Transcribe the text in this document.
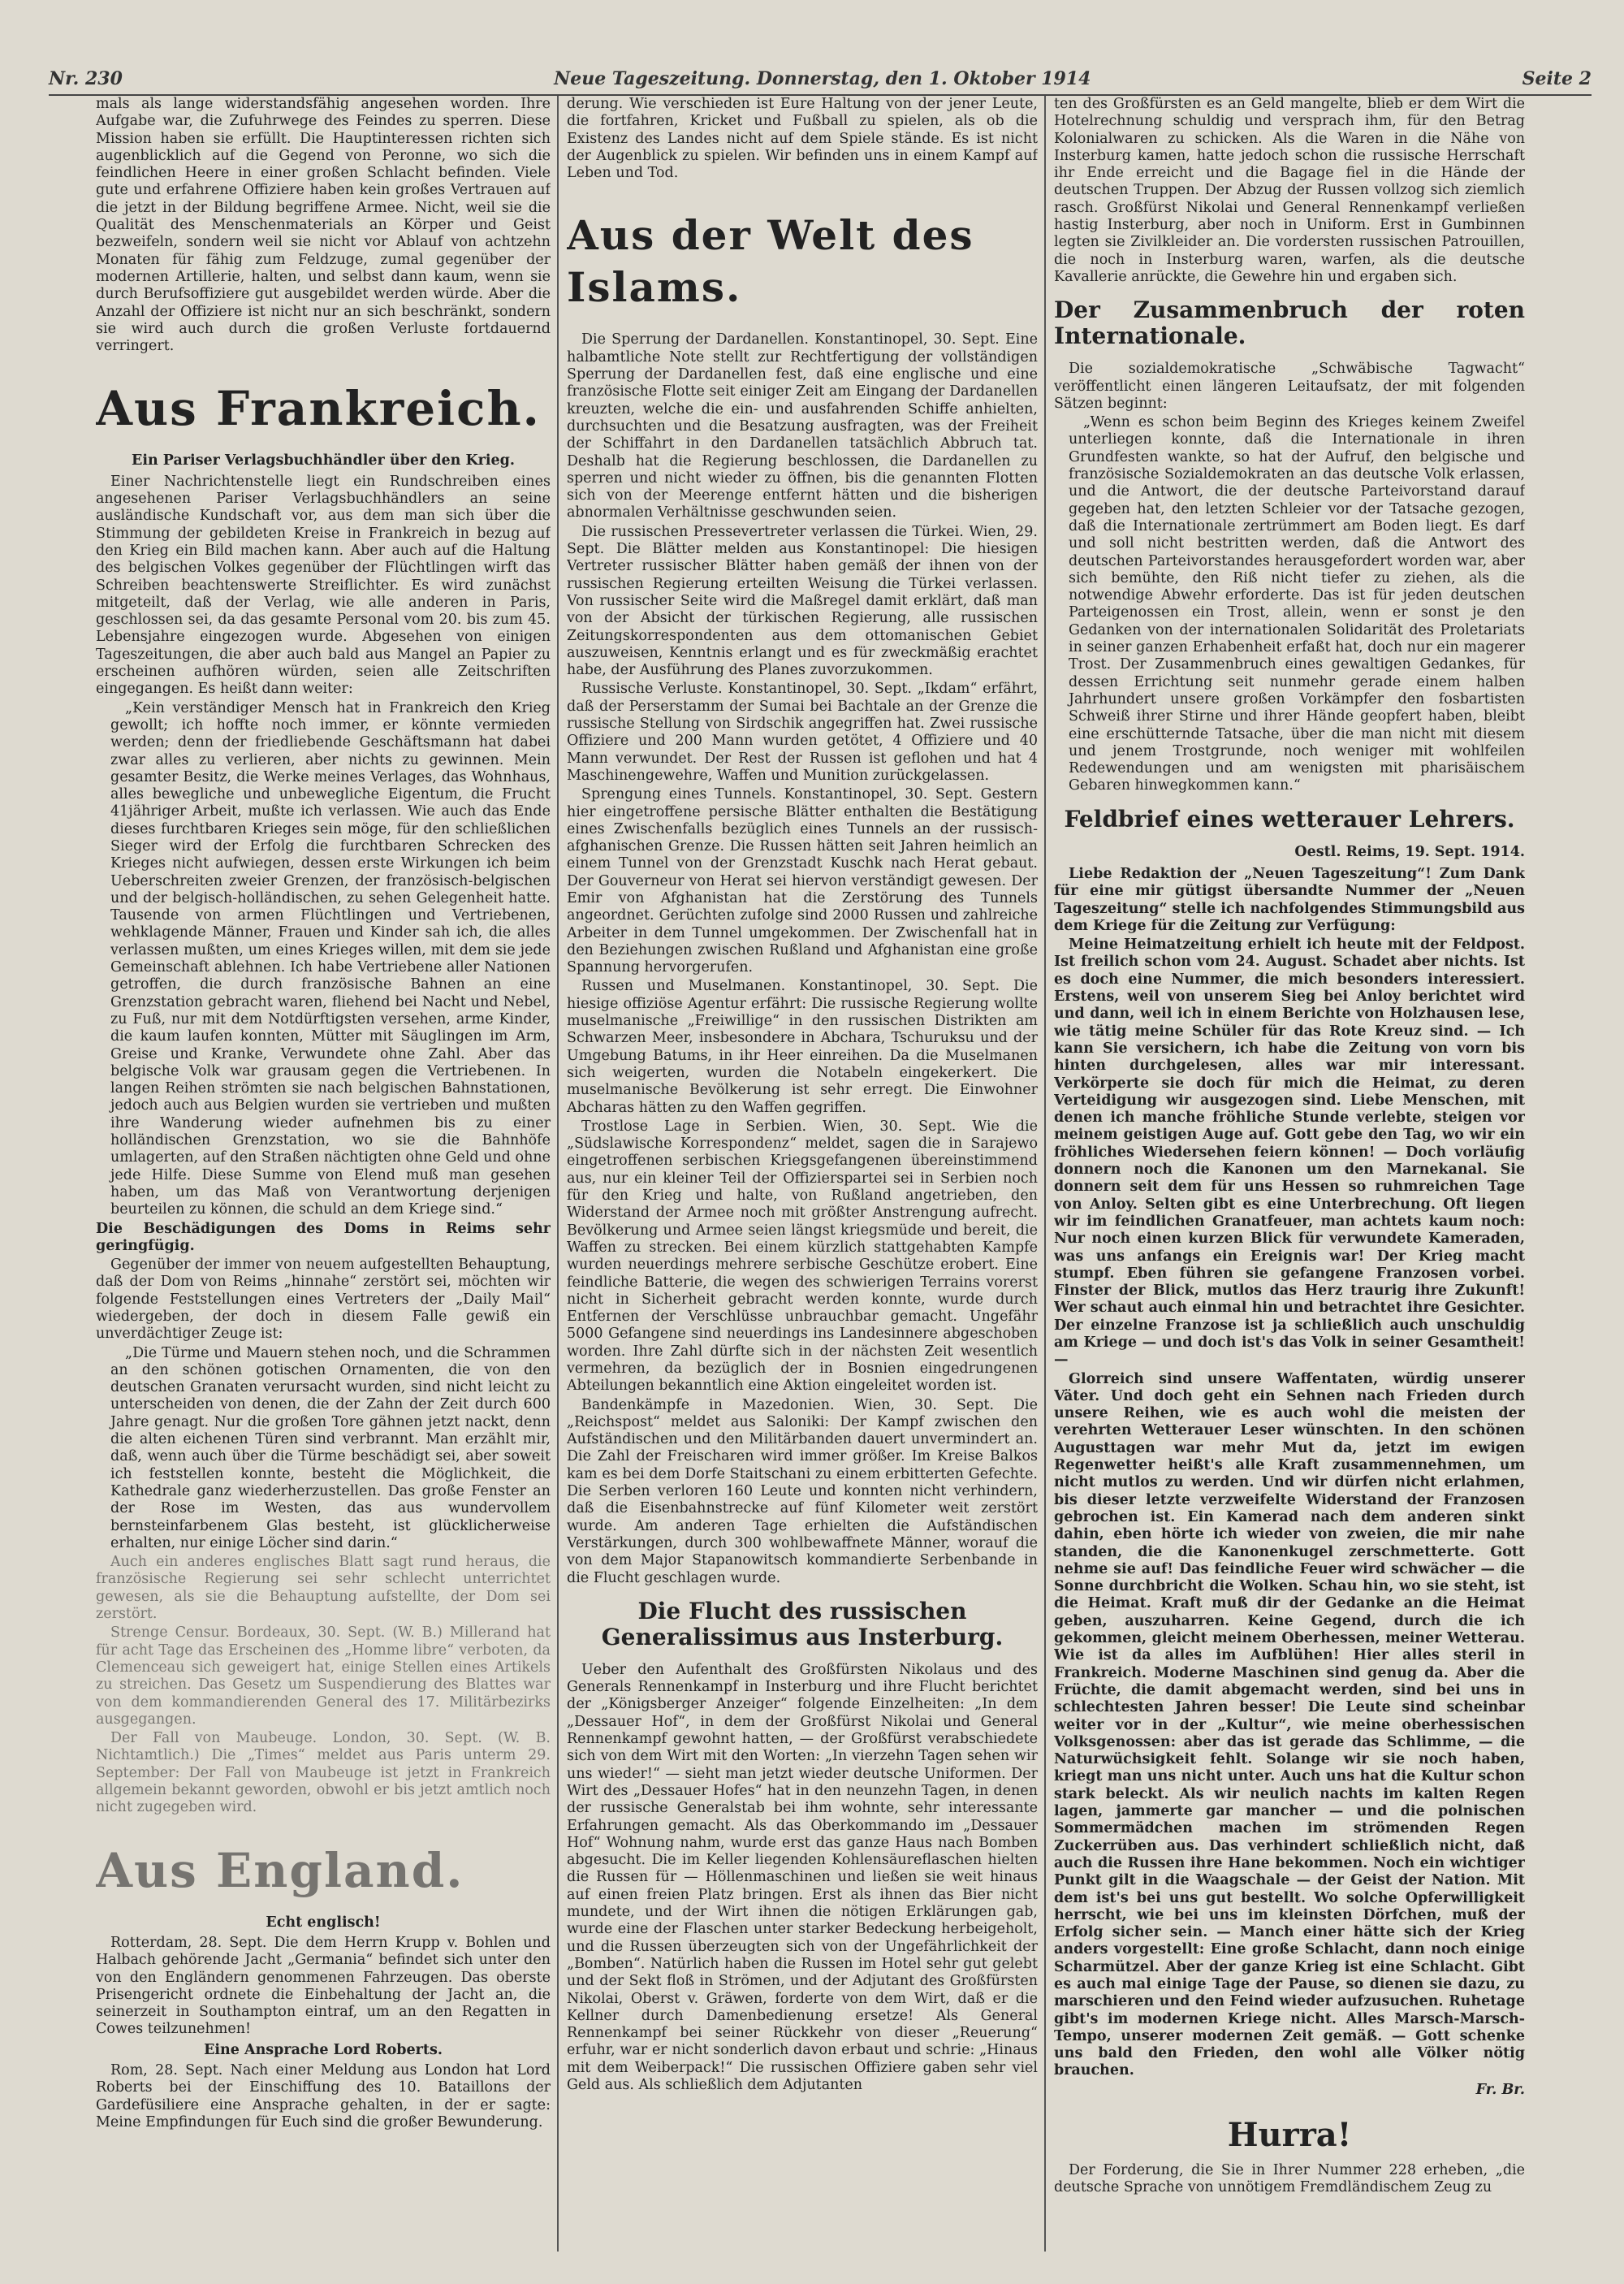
Nr. 230	Neue Tageszeitung. Donnerstag, den 1. Oktober 1914	Seite 2

mals als lange widerstandsfähig angesehen worden. Ihre Aufgabe war, die Zufuhrwege des Feindes zu sperren. Diese Mission haben sie erfüllt. Die Hauptinteressen richten sich augenblicklich auf die Gegend von Peronne, wo sich die feindlichen Heere in einer großen Schlacht befinden. Viele gute und erfahrene Offiziere haben kein großes Vertrauen auf die jetzt in der Bildung begriffene Armee. Nicht, weil sie die Qualität des Menschenmaterials an Körper und Geist bezweifeln, sondern weil sie nicht vor Ablauf von achtzehn Monaten für fähig zum Feldzuge, zumal gegenüber der modernen Artillerie, halten, und selbst dann kaum, wenn sie durch Berufsoffiziere gut ausgebildet werden würde. Aber die Anzahl der Offiziere ist nicht nur an sich beschränkt, sondern sie wird auch durch die großen Verluste fortdauernd verringert.

Aus Frankreich.

Ein Pariser Verlagsbuchhändler über den Krieg.

Einer Nachrichtenstelle liegt ein Rundschreiben eines angesehenen Pariser Verlagsbuchhändlers an seine ausländische Kundschaft vor, aus dem man sich über die Stimmung der gebildeten Kreise in Frankreich in bezug auf den Krieg ein Bild machen kann. Aber auch auf die Haltung des belgischen Volkes gegenüber der Flüchtlingen wirft das Schreiben beachtenswerte Streiflichter. Es wird zunächst mitgeteilt, daß der Verlag, wie alle anderen in Paris, geschlossen sei, da das gesamte Personal vom 20. bis zum 45. Lebensjahre eingezogen wurde. Abgesehen von einigen Tageszeitungen, die aber auch bald aus Mangel an Papier zu erscheinen aufhören würden, seien alle Zeitschriften eingegangen. Es heißt dann weiter:

„Kein verständiger Mensch hat in Frankreich den Krieg gewollt; ich hoffte noch immer, er könnte vermieden werden; denn der friedliebende Geschäftsmann hat dabei zwar alles zu verlieren, aber nichts zu gewinnen. Mein gesamter Besitz, die Werke meines Verlages, das Wohnhaus, alles bewegliche und unbewegliche Eigentum, die Frucht 41jähriger Arbeit, mußte ich verlassen. Wie auch das Ende dieses furchtbaren Krieges sein möge, für den schließlichen Sieger wird der Erfolg die furchtbaren Schrecken des Krieges nicht aufwiegen, dessen erste Wirkungen ich beim Ueberschreiten zweier Grenzen, der französisch-belgischen und der belgisch-holländischen, zu sehen Gelegenheit hatte. Tausende von armen Flüchtlingen und Vertriebenen, wehklagende Männer, Frauen und Kinder sah ich, die alles verlassen mußten, um eines Krieges willen, mit dem sie jede Gemeinschaft ablehnen. Ich habe Vertriebene aller Nationen getroffen, die durch französische Bahnen an eine Grenzstation gebracht waren, fliehend bei Nacht und Nebel, zu Fuß, nur mit dem Notdürftigsten versehen, arme Kinder, die kaum laufen konnten, Mütter mit Säuglingen im Arm, Greise und Kranke, Verwundete ohne Zahl. Aber das belgische Volk war grausam gegen die Vertriebenen. In langen Reihen strömten sie nach belgischen Bahnstationen, jedoch auch aus Belgien wurden sie vertrieben und mußten ihre Wanderung wieder aufnehmen bis zu einer holländischen Grenzstation, wo sie die Bahnhöfe umlagerten, auf den Straßen nächtigten ohne Geld und ohne jede Hilfe. Diese Summe von Elend muß man gesehen haben, um das Maß von Verantwortung derjenigen beurteilen zu können, die schuld an dem Kriege sind.“

Die Beschädigungen des Doms in Reims sehr geringfügig.

Gegenüber der immer von neuem aufgestellten Behauptung, daß der Dom von Reims „hinnahe“ zerstört sei, möchten wir folgende Feststellungen eines Vertreters der „Daily Mail“ wiedergeben, der doch in diesem Falle gewiß ein unverdächtiger Zeuge ist:

„Die Türme und Mauern stehen noch, und die Schrammen an den schönen gotischen Ornamenten, die von den deutschen Granaten verursacht wurden, sind nicht leicht zu unterscheiden von denen, die der Zahn der Zeit durch 600 Jahre genagt. Nur die großen Tore gähnen jetzt nackt, denn die alten eichenen Türen sind verbrannt. Man erzählt mir, daß, wenn auch über die Türme beschädigt sei, aber soweit ich feststellen konnte, besteht die Möglichkeit, die Kathedrale ganz wiederherzustellen. Das große Fenster an der Rose im Westen, das aus wundervollem bernsteinfarbenem Glas besteht, ist glücklicherweise erhalten, nur einige Löcher sind darin.“

Auch ein anderes englisches Blatt sagt rund heraus, die französische Regierung sei sehr schlecht unterrichtet gewesen, als sie die Behauptung aufstellte, der Dom sei zerstört.

Strenge Censur. Bordeaux, 30. Sept. (W. B.) Millerand hat für acht Tage das Erscheinen des „Homme libre“ verboten, da Clemenceau sich geweigert hat, einige Stellen eines Artikels zu streichen. Das Gesetz um Suspendierung des Blattes war von dem kommandierenden General des 17. Militärbezirks ausgegangen.

Der Fall von Maubeuge. London, 30. Sept. (W. B. Nichtamtlich.) Die „Times“ meldet aus Paris unterm 29. September: Der Fall von Maubeuge ist jetzt in Frankreich allgemein bekannt geworden, obwohl er bis jetzt amtlich noch nicht zugegeben wird.

Aus England.

Echt englisch!

Rotterdam, 28. Sept. Die dem Herrn Krupp v. Bohlen und Halbach gehörende Jacht „Germania“ befindet sich unter den von den Engländern genommenen Fahrzeugen. Das oberste Prisengericht ordnete die Einbehaltung der Jacht an, die seinerzeit in Southampton eintraf, um an den Regatten in Cowes teilzunehmen!

Eine Ansprache Lord Roberts.

Rom, 28. Sept. Nach einer Meldung aus London hat Lord Roberts bei der Einschiffung des 10. Bataillons der Gardefüsiliere eine Ansprache gehalten, in der er sagte: Meine Empfindungen für Euch sind die großer Bewunderung.

derung. Wie verschieden ist Eure Haltung von der jener Leute, die fortfahren, Kricket und Fußball zu spielen, als ob die Existenz des Landes nicht auf dem Spiele stände. Es ist nicht der Augenblick zu spielen. Wir befinden uns in einem Kampf auf Leben und Tod.

Aus der Welt des Islams.

Die Sperrung der Dardanellen. Konstantinopel, 30. Sept. Eine halbamtliche Note stellt zur Rechtfertigung der vollständigen Sperrung der Dardanellen fest, daß eine englische und eine französische Flotte seit einiger Zeit am Eingang der Dardanellen kreuzten, welche die ein- und ausfahrenden Schiffe anhielten, durchsuchten und die Besatzung ausfragten, was der Freiheit der Schiffahrt in den Dardanellen tatsächlich Abbruch tat. Deshalb hat die Regierung beschlossen, die Dardanellen zu sperren und nicht wieder zu öffnen, bis die genannten Flotten sich von der Meerenge entfernt hätten und die bisherigen abnormalen Verhältnisse geschwunden seien.

Die russischen Pressevertreter verlassen die Türkei. Wien, 29. Sept. Die Blätter melden aus Konstantinopel: Die hiesigen Vertreter russischer Blätter haben gemäß der ihnen von der russischen Regierung erteilten Weisung die Türkei verlassen. Von russischer Seite wird die Maßregel damit erklärt, daß man von der Absicht der türkischen Regierung, alle russischen Zeitungskorrespondenten aus dem ottomanischen Gebiet auszuweisen, Kenntnis erlangt und es für zweckmäßig erachtet habe, der Ausführung des Planes zuvorzukommen.

Russische Verluste. Konstantinopel, 30. Sept. „Ikdam“ erfährt, daß der Perserstamm der Sumai bei Bachtale an der Grenze die russische Stellung von Sirdschik angegriffen hat. Zwei russische Offiziere und 200 Mann wurden getötet, 4 Offiziere und 40 Mann verwundet. Der Rest der Russen ist geflohen und hat 4 Maschinengewehre, Waffen und Munition zurückgelassen.

Sprengung eines Tunnels. Konstantinopel, 30. Sept. Gestern hier eingetroffene persische Blätter enthalten die Bestätigung eines Zwischenfalls bezüglich eines Tunnels an der russisch-afghanischen Grenze. Die Russen hätten seit Jahren heimlich an einem Tunnel von der Grenzstadt Kuschk nach Herat gebaut. Der Gouverneur von Herat sei hiervon verständigt gewesen. Der Emir von Afghanistan hat die Zerstörung des Tunnels angeordnet. Gerüchten zufolge sind 2000 Russen und zahlreiche Arbeiter in dem Tunnel umgekommen. Der Zwischenfall hat in den Beziehungen zwischen Rußland und Afghanistan eine große Spannung hervorgerufen.

Russen und Muselmanen. Konstantinopel, 30. Sept. Die hiesige offiziöse Agentur erfährt: Die russische Regierung wollte muselmanische „Freiwillige“ in den russischen Distrikten am Schwarzen Meer, insbesondere in Abchara, Tschuruksu und der Umgebung Batums, in ihr Heer einreihen. Da die Muselmanen sich weigerten, wurden die Notabeln eingekerkert. Die muselmanische Bevölkerung ist sehr erregt. Die Einwohner Abcharas hätten zu den Waffen gegriffen.

Trostlose Lage in Serbien. Wien, 30. Sept. Wie die „Südslawische Korrespondenz“ meldet, sagen die in Sarajewo eingetroffenen serbischen Kriegsgefangenen übereinstimmend aus, nur ein kleiner Teil der Offizierspartei sei in Serbien noch für den Krieg und halte, von Rußland angetrieben, den Widerstand der Armee noch mit größter Anstrengung aufrecht. Bevölkerung und Armee seien längst kriegsmüde und bereit, die Waffen zu strecken. Bei einem kürzlich stattgehabten Kampfe wurden neuerdings mehrere serbische Geschütze erobert. Eine feindliche Batterie, die wegen des schwierigen Terrains vorerst nicht in Sicherheit gebracht werden konnte, wurde durch Entfernen der Verschlüsse unbrauchbar gemacht. Ungefähr 5000 Gefangene sind neuerdings ins Landesinnere abgeschoben worden. Ihre Zahl dürfte sich in der nächsten Zeit wesentlich vermehren, da bezüglich der in Bosnien eingedrungenen Abteilungen bekanntlich eine Aktion eingeleitet worden ist.

Bandenkämpfe in Mazedonien. Wien, 30. Sept. Die „Reichspost“ meldet aus Saloniki: Der Kampf zwischen den Aufständischen und den Militärbanden dauert unvermindert an. Die Zahl der Freischaren wird immer größer. Im Kreise Balkos kam es bei dem Dorfe Staitschani zu einem erbitterten Gefechte. Die Serben verloren 160 Leute und konnten nicht verhindern, daß die Eisenbahnstrecke auf fünf Kilometer weit zerstört wurde. Am anderen Tage erhielten die Aufständischen Verstärkungen, durch 300 wohlbewaffnete Männer, worauf die von dem Major Stapanowitsch kommandierte Serbenbande in die Flucht geschlagen wurde.

Die Flucht des russischen Generalissimus aus Insterburg.

Ueber den Aufenthalt des Großfürsten Nikolaus und des Generals Rennenkampf in Insterburg und ihre Flucht berichtet der „Königsberger Anzeiger“ folgende Einzelheiten: „In dem „Dessauer Hof“, in dem der Großfürst Nikolai und General Rennenkampf gewohnt hatten, — der Großfürst verabschiedete sich von dem Wirt mit den Worten: „In vierzehn Tagen sehen wir uns wieder!“ — sieht man jetzt wieder deutsche Uniformen. Der Wirt des „Dessauer Hofes“ hat in den neunzehn Tagen, in denen der russische Generalstab bei ihm wohnte, sehr interessante Erfahrungen gemacht. Als das Oberkommando im „Dessauer Hof“ Wohnung nahm, wurde erst das ganze Haus nach Bomben abgesucht. Die im Keller liegenden Kohlensäureflaschen hielten die Russen für — Höllenmaschinen und ließen sie weit hinaus auf einen freien Platz bringen. Erst als ihnen das Bier nicht mundete, und der Wirt ihnen die nötigen Erklärungen gab, wurde eine der Flaschen unter starker Bedeckung herbeigeholt, und die Russen überzeugten sich von der Ungefährlichkeit der „Bomben“. Natürlich haben die Russen im Hotel sehr gut gelebt und der Sekt floß in Strömen, und der Adjutant des Großfürsten Nikolai, Oberst v. Gräwen, forderte von dem Wirt, daß er die Kellner durch Damenbedienung ersetze! Als General Rennenkampf bei seiner Rückkehr von dieser „Reuerung“ erfuhr, war er nicht sonderlich davon erbaut und schrie: „Hinaus mit dem Weiberpack!“ Die russischen Offiziere gaben sehr viel Geld aus. Als schließlich dem Adjutanten

ten des Großfürsten es an Geld mangelte, blieb er dem Wirt die Hotelrechnung schuldig und versprach ihm, für den Betrag Kolonialwaren zu schicken. Als die Waren in die Nähe von Insterburg kamen, hatte jedoch schon die russische Herrschaft ihr Ende erreicht und die Bagage fiel in die Hände der deutschen Truppen. Der Abzug der Russen vollzog sich ziemlich rasch. Großfürst Nikolai und General Rennenkampf verließen hastig Insterburg, aber noch in Uniform. Erst in Gumbinnen legten sie Zivilkleider an. Die vordersten russischen Patrouillen, die noch in Insterburg waren, warfen, als die deutsche Kavallerie anrückte, die Gewehre hin und ergaben sich.

Der Zusammenbruch der roten Internationale.

Die sozialdemokratische „Schwäbische Tagwacht“ veröffentlicht einen längeren Leitaufsatz, der mit folgenden Sätzen beginnt:

„Wenn es schon beim Beginn des Krieges keinem Zweifel unterliegen konnte, daß die Internationale in ihren Grundfesten wankte, so hat der Aufruf, den belgische und französische Sozialdemokraten an das deutsche Volk erlassen, und die Antwort, die der deutsche Parteivorstand darauf gegeben hat, den letzten Schleier vor der Tatsache gezogen, daß die Internationale zertrümmert am Boden liegt. Es darf und soll nicht bestritten werden, daß die Antwort des deutschen Parteivorstandes herausgefordert worden war, aber sich bemühte, den Riß nicht tiefer zu ziehen, als die notwendige Abwehr erforderte. Das ist für jeden deutschen Parteigenossen ein Trost, allein, wenn er sonst je den Gedanken von der internationalen Solidarität des Proletariats in seiner ganzen Erhabenheit erfaßt hat, doch nur ein magerer Trost. Der Zusammenbruch eines gewaltigen Gedankes, für dessen Errichtung seit nunmehr gerade einem halben Jahrhundert unsere großen Vorkämpfer den fosbartisten Schweiß ihrer Stirne und ihrer Hände geopfert haben, bleibt eine erschütternde Tatsache, über die man nicht mit diesem und jenem Trostgrunde, noch weniger mit wohlfeilen Redewendungen und am wenigsten mit pharisäischem Gebaren hinwegkommen kann.“

Feldbrief eines wetterauer Lehrers.

Oestl. Reims, 19. Sept. 1914.

Liebe Redaktion der „Neuen Tageszeitung“! Zum Dank für eine mir gütigst übersandte Nummer der „Neuen Tageszeitung“ stelle ich nachfolgendes Stimmungsbild aus dem Kriege für die Zeitung zur Verfügung:

Meine Heimatzeitung erhielt ich heute mit der Feldpost. Ist freilich schon vom 24. August. Schadet aber nichts. Ist es doch eine Nummer, die mich besonders interessiert. Erstens, weil von unserem Sieg bei Anloy berichtet wird und dann, weil ich in einem Berichte von Holzhausen lese, wie tätig meine Schüler für das Rote Kreuz sind. — Ich kann Sie versichern, ich habe die Zeitung von vorn bis hinten durchgelesen, alles war mir interessant. Verkörperte sie doch für mich die Heimat, zu deren Verteidigung wir ausgezogen sind. Liebe Menschen, mit denen ich manche fröhliche Stunde verlebte, steigen vor meinem geistigen Auge auf. Gott gebe den Tag, wo wir ein fröhliches Wiedersehen feiern können! — Doch vorläufig donnern noch die Kanonen um den Marnekanal. Sie donnern seit dem für uns Hessen so ruhmreichen Tage von Anloy. Selten gibt es eine Unterbrechung. Oft liegen wir im feindlichen Granatfeuer, man achtets kaum noch: Nur noch einen kurzen Blick für verwundete Kameraden, was uns anfangs ein Ereignis war! Der Krieg macht stumpf. Eben führen sie gefangene Franzosen vorbei. Finster der Blick, mutlos das Herz traurig ihre Zukunft! Wer schaut auch einmal hin und betrachtet ihre Gesichter. Der einzelne Franzose ist ja schließlich auch unschuldig am Kriege — und doch ist's das Volk in seiner Gesamtheit! —

Glorreich sind unsere Waffentaten, würdig unserer Väter. Und doch geht ein Sehnen nach Frieden durch unsere Reihen, wie es auch wohl die meisten der verehrten Wetterauer Leser wünschten. In den schönen Augusttagen war mehr Mut da, jetzt im ewigen Regenwetter heißt's alle Kraft zusammennehmen, um nicht mutlos zu werden. Und wir dürfen nicht erlahmen, bis dieser letzte verzweifelte Widerstand der Franzosen gebrochen ist. Ein Kamerad nach dem anderen sinkt dahin, eben hörte ich wieder von zweien, die mir nahe standen, die die Kanonenkugel zerschmetterte. Gott nehme sie auf! Das feindliche Feuer wird schwächer — die Sonne durchbricht die Wolken. Schau hin, wo sie steht, ist die Heimat. Kraft muß dir der Gedanke an die Heimat geben, auszuharren. Keine Gegend, durch die ich gekommen, gleicht meinem Oberhessen, meiner Wetterau. Wie ist da alles im Aufblühen! Hier alles steril in Frankreich. Moderne Maschinen sind genug da. Aber die Früchte, die damit abgemacht werden, sind bei uns in schlechtesten Jahren besser! Die Leute sind scheinbar weiter vor in der „Kultur“, wie meine oberhessischen Volksgenossen: aber das ist gerade das Schlimme, — die Naturwüchsigkeit fehlt. Solange wir sie noch haben, kriegt man uns nicht unter. Auch uns hat die Kultur schon stark beleckt. Als wir neulich nachts im kalten Regen lagen, jammerte gar mancher — und die polnischen Sommermädchen machen im strömenden Regen Zuckerrüben aus. Das verhindert schließlich nicht, daß auch die Russen ihre Hane bekommen. Noch ein wichtiger Punkt gilt in die Waagschale — der Geist der Nation. Mit dem ist's bei uns gut bestellt. Wo solche Opferwilligkeit herrscht, wie bei uns im kleinsten Dörfchen, muß der Erfolg sicher sein. — Manch einer hätte sich der Krieg anders vorgestellt: Eine große Schlacht, dann noch einige Scharmützel. Aber der ganze Krieg ist eine Schlacht. Gibt es auch mal einige Tage der Pause, so dienen sie dazu, zu marschieren und den Feind wieder aufzusuchen. Ruhetage gibt's im modernen Kriege nicht. Alles Marsch-Marsch-Tempo, unserer modernen Zeit gemäß. — Gott schenke uns bald den Frieden, den wohl alle Völker nötig brauchen.

Fr. Br.

Hurra!

Der Forderung, die Sie in Ihrer Nummer 228 erheben, „die deutsche Sprache von unnötigem Fremdländischem Zeug zu
